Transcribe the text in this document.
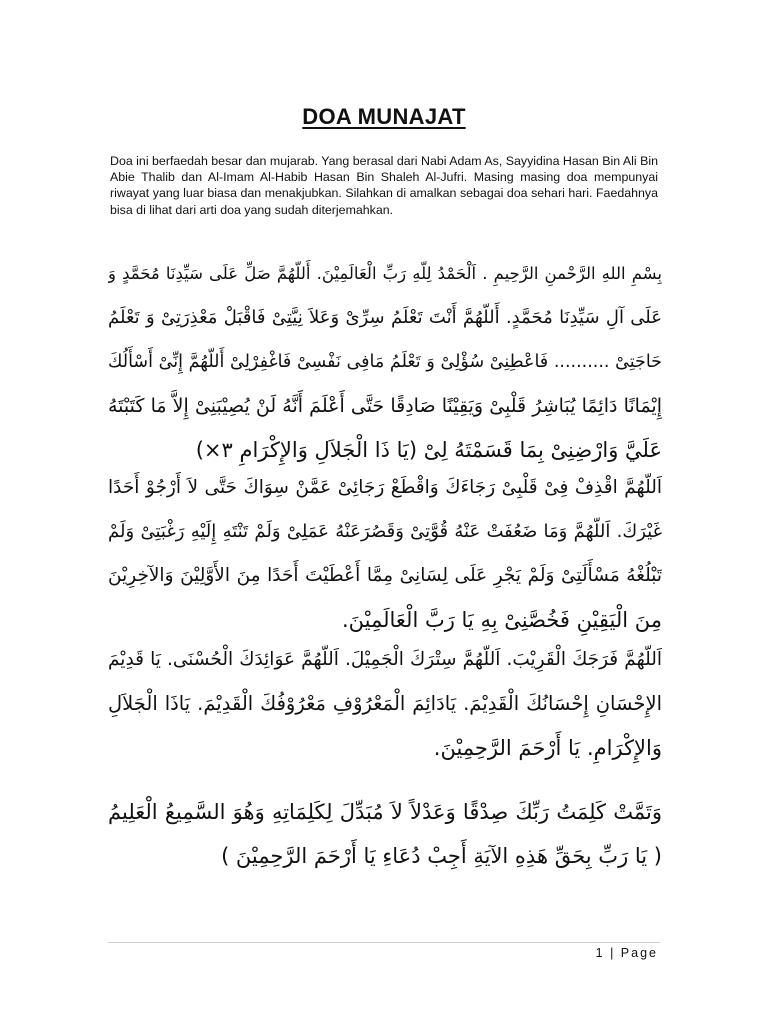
DOA MUNAJAT

Doa ini berfaedah besar dan mujarab. Yang berasal dari Nabi Adam As, Sayyidina Hasan Bin Ali Bin Abie Thalib dan Al-Imam Al-Habib Hasan Bin Shaleh Al-Jufri. Masing masing doa mempunyai riwayat yang luar biasa dan menakjubkan. Silahkan di amalkan sebagai doa sehari hari. Faedahnya bisa di lihat dari arti doa yang sudah diterjemahkan.

بِسْمِ اللهِ الرَّحْمنِ الرَّحِيمِ . اَلْحَمْدُ لِلّهِ رَبِّ الْعَالَمِيْنَ. أَللّهُمَّ صَلِّ عَلَى سَيِّدِنَا مُحَمَّدٍ وَ
عَلَى آلِ سَيِّدِنَا مُحَمَّدٍ. أَللّهُمَّ أَنْتَ تَعْلَمُ سِرِّىْ وَعَلاَ نِيَّتِىْ فَاقْبَلْ مَعْذِرَتِىْ وَ تَعْلَمُ
حَاجَتِىْ .......... فَاعْطِنِىْ سُؤْلِىْ وَ تَعْلَمُ مَافِى نَفْسِىْ فَاغْفِرْلِىْ أَللّهُمَّ إِنِّىْ أَسْأَلُكَ
إِيْمَانًا دَائِمًا يُبَاشِرُ قَلْبِىْ وَيَقِيْنًا صَادِقًا حَتَّى أَعْلَمَ أَنَّهُ لَنْ يُصِيْبَنِىْ إِلاَّ مَا كَتَبْتَهُ
عَلَيَّ وَارْضِنِىْ بِمَا قَسَمْتَهُ لِىْ (يَا ذَا الْجَلاَلِ وَالإِكْرَامِ ٣×)
اَللّهُمَّ اقْذِفْ فِىْ قَلْبِىْ رَجَاءَكَ وَاقْطَعْ رَجَائِىْ عَمَّنْ سِوَاكَ حَتَّى لاَ أَرْجُوْ أَحَدًا
غَيْرَكَ. اَللّهُمَّ وَمَا ضَعُفَتْ عَنْهُ قُوَّتِىْ وَقَصُرَعَنْهُ عَمَلِىْ وَلَمْ تَنْتَهِ إِلَيْهِ رَغْبَتِىْ وَلَمْ
تَبْلُغْهُ مَسْأَلَتِىْ وَلَمْ يَجْرِ عَلَى لِسَانِىْ مِمَّا أَعْطَيْتَ أَحَدًا مِنَ الأَوَّلِيْنَ وَالآخِرِيْنَ
مِنَ الْيَقِيْنِ فَخُصَّنِىْ بِهِ يَا رَبَّ الْعَالَمِيْنَ.
اَللّهُمَّ فَرَجَكَ الْقَرِيْبَ. اَللّهُمَّ سِتْرَكَ الْجَمِيْلَ. اَللّهُمَّ عَوَائِدَكَ الْحُسْنَى. يَا قَدِيْمَ
الإِحْسَانِ إِحْسَانُكَ الْقَدِيْمَ. يَادَائِمَ الْمَعْرُوْفِ مَعْرُوْفُكَ الْقَدِيْمَ. يَاذَا الْجَلاَلِ
وَالإِكْرَامِ. يَا أَرْحَمَ الرَّحِمِيْنَ.
وَتَمَّتْ كَلِمَتُ رَبِّكَ صِدْقًا وَعَدْلاً لاَ مُبَدِّلَ لِكَلِمَاتِهِ وَهُوَ السَّمِيعُ الْعَلِيمُ
( يَا رَبِّ بِحَقِّ هَذِهِ الآيَةِ أَجِبْ دُعَاءِ يَا أَرْحَمَ الرَّحِمِيْنَ )
1 | Page
